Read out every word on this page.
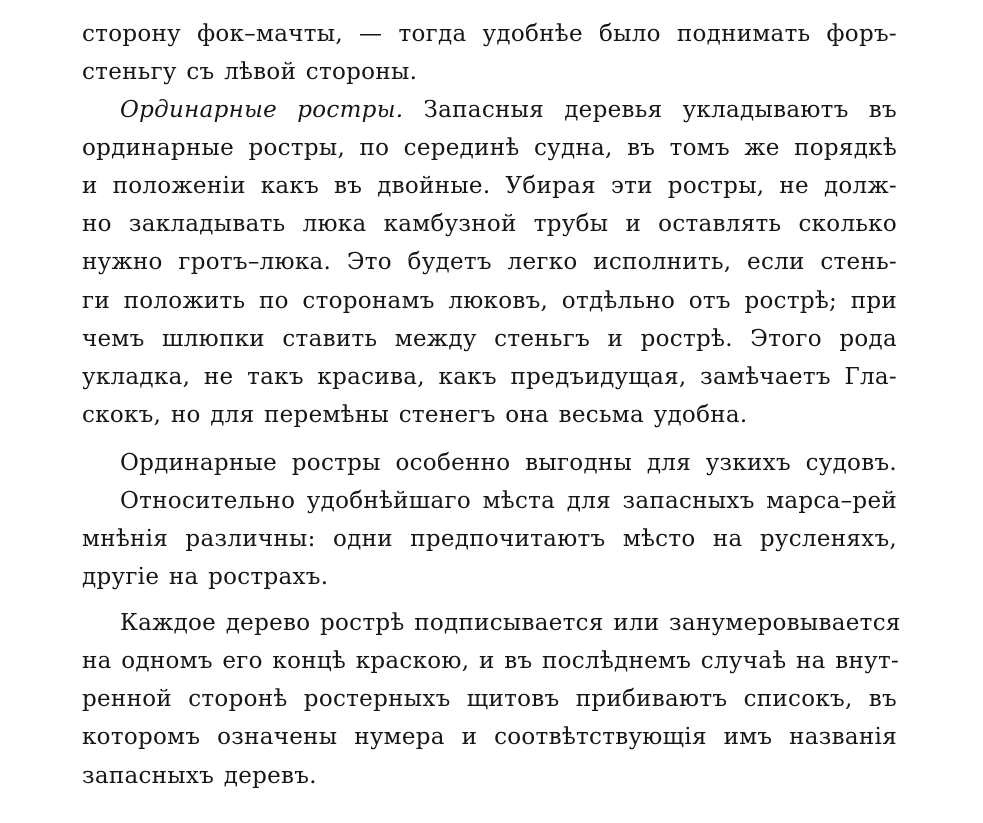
сторону фок–мачты, — тогда удобнѣе было поднимать форъ-
стеньгу съ лѣвой стороны.
Ординарные ростры. Запасныя деревья укладываютъ въ
ординарные ростры, по серединѣ судна, въ томъ же порядкѣ
и положеніи какъ въ двойные. Убирая эти ростры, не долж-
но закладывать люка камбузной трубы и оставлять сколько
нужно гротъ–люка. Это будетъ легко исполнить, если стень-
ги положить по сторонамъ люковъ, отдѣльно отъ рострѣ; при
чемъ шлюпки ставить между стеньгъ и рострѣ. Этого рода
укладка, не такъ красива, какъ предъидущая, замѣчаетъ Гла-
скокъ, но для перемѣны стенегъ она весьма удобна.
Ординарные ростры особенно выгодны для узкихъ судовъ.
Относительно удобнѣйшаго мѣста для запасныхъ марса–рей
мнѣнія различны: одни предпочитаютъ мѣсто на русленяхъ,
другіе на рострахъ.
Каждое дерево рострѣ подписывается или занумеровывается
на одномъ его концѣ краскою, и въ послѣднемъ случаѣ на внут-
ренной сторонѣ ростерныхъ щитовъ прибиваютъ списокъ, въ
которомъ означены нумера и соотвѣтствующія имъ названія
запасныхъ деревъ.
